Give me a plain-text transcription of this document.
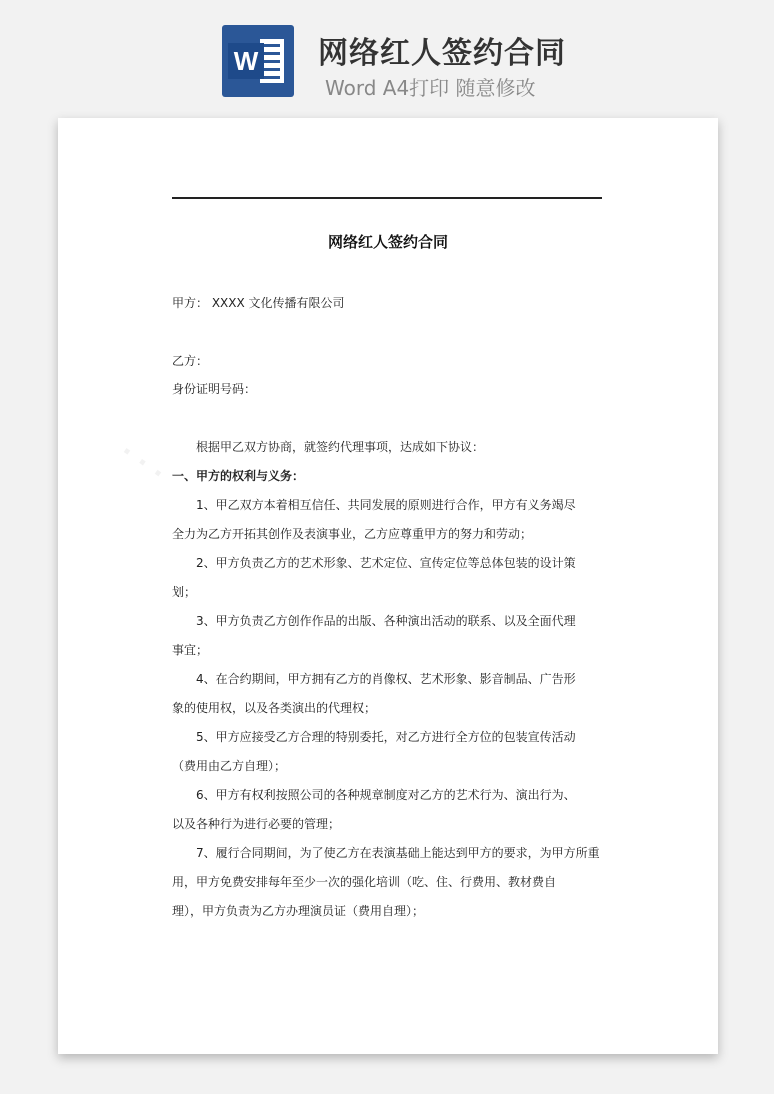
W 网络红人签约合同
Word A4打印 随意修改
· · ·
网络红人签约合同
甲方： XXXX 文化传播有限公司
乙方：
身份证明号码：
根据甲乙双方协商，就签约代理事项，达成如下协议：
一、甲方的权利与义务：
1、甲乙双方本着相互信任、共同发展的原则进行合作，甲方有义务竭尽
全力为乙方开拓其创作及表演事业，乙方应尊重甲方的努力和劳动；
2、甲方负责乙方的艺术形象、艺术定位、宣传定位等总体包装的设计策
划；
3、甲方负责乙方创作作品的出版、各种演出活动的联系、以及全面代理
事宜；
4、在合约期间，甲方拥有乙方的肖像权、艺术形象、影音制品、广告形
象的使用权，以及各类演出的代理权；
5、甲方应接受乙方合理的特别委托，对乙方进行全方位的包装宣传活动
（费用由乙方自理）；
6、甲方有权利按照公司的各种规章制度对乙方的艺术行为、演出行为、
以及各种行为进行必要的管理；
7、履行合同期间，为了使乙方在表演基础上能达到甲方的要求，为甲方所重
用，甲方免费安排每年至少一次的强化培训（吃、住、行费用、教材费自
理），甲方负责为乙方办理演员证（费用自理）；
